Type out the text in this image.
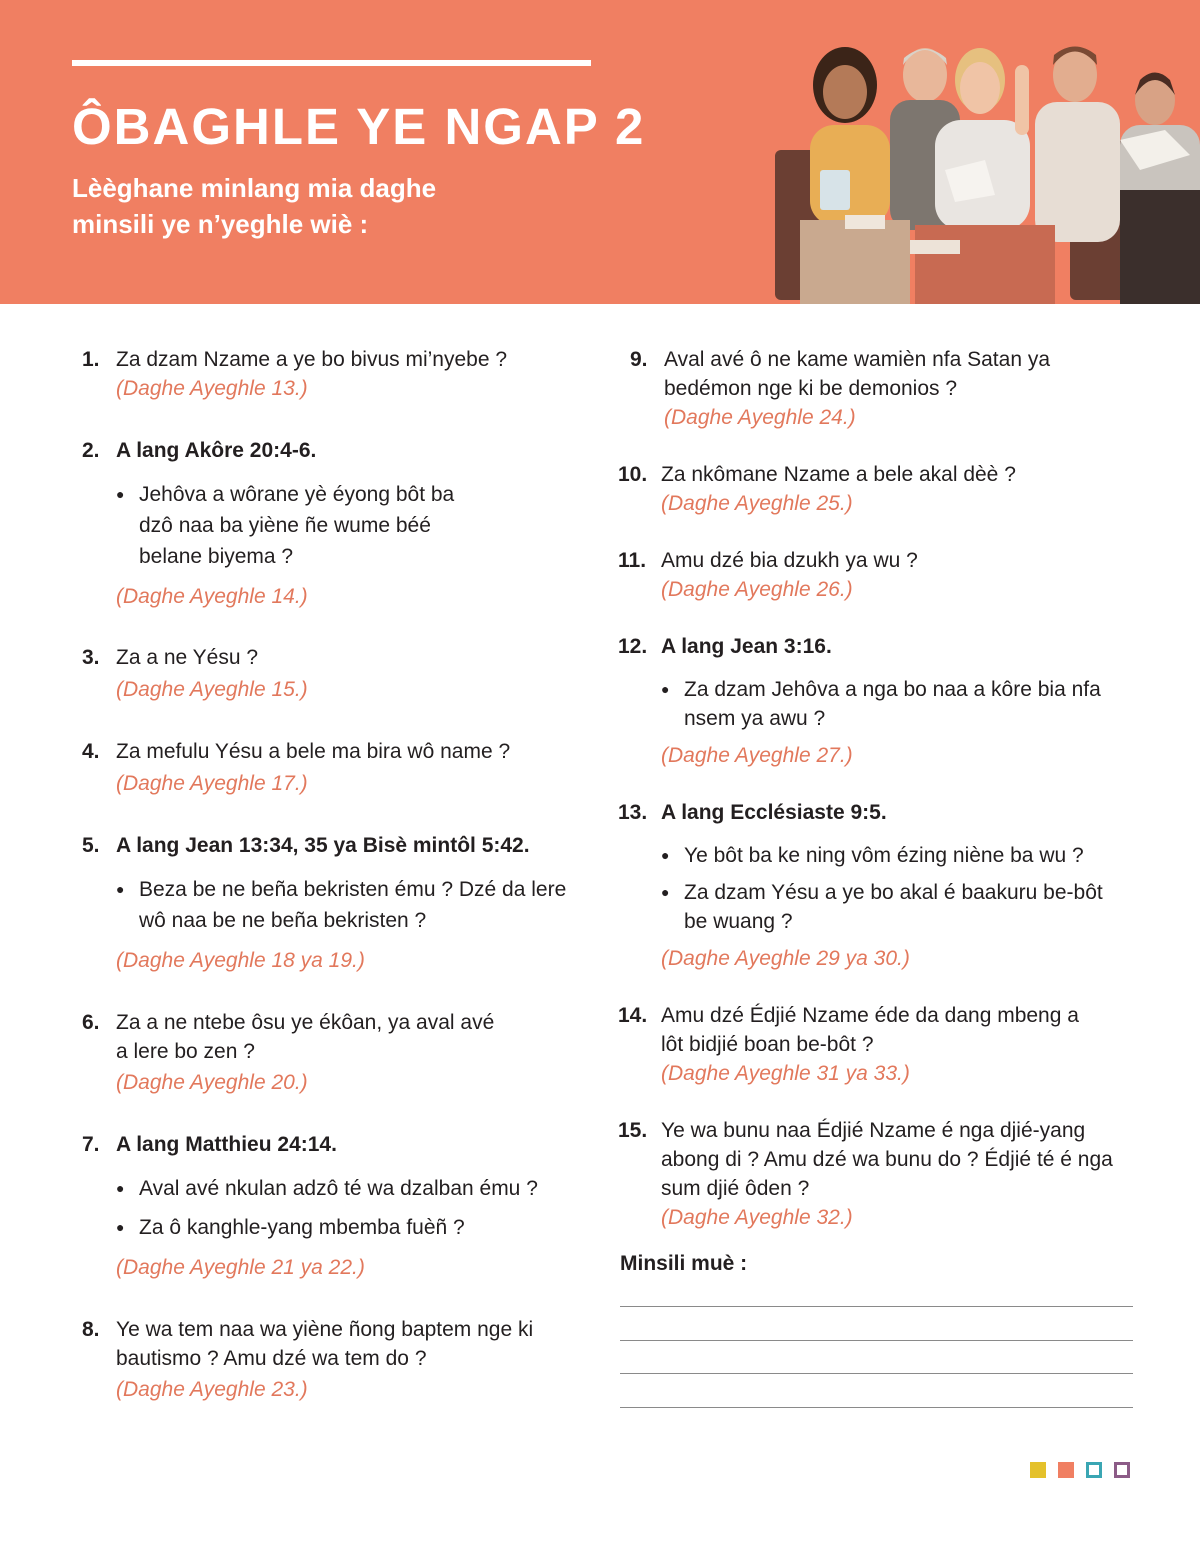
ÔBAGHLE YE NGAP 2

Lèèghane minlang mia daghe minsili ye n’yeghle wiè :

1. Za dzam Nzame a ye bo bivus mi’nyebe ?
(Daghe Ayeghle 13.)
2. A lang Akôre 20:4-6.
● Jehôva a wôrane yè éyong bôt ba dzô naa ba yiène ñe wume béé belane biyema ?
(Daghe Ayeghle 14.)
3. Za a ne Yésu ?
(Daghe Ayeghle 15.)
4. Za mefulu Yésu a bele ma bira wô name ?
(Daghe Ayeghle 17.)
5. A lang Jean 13:34, 35 ya Bisè mintôl 5:42.
● Beza be ne beña bekristen ému ? Dzé da lere wô naa be ne beña bekristen ?
(Daghe Ayeghle 18 ya 19.)
6. Za a ne ntebe ôsu ye ékôan, ya aval avé a lere bo zen ?
(Daghe Ayeghle 20.)
7. A lang Matthieu 24:14.
● Aval avé nkulan adzô té wa dzalban ému ?
● Za ô kanghle-yang mbemba fuèñ ?
(Daghe Ayeghle 21 ya 22.)
8. Ye wa tem naa wa yiène ñong baptem nge ki bautismo ? Amu dzé wa tem do ?
(Daghe Ayeghle 23.)
9. Aval avé ô ne kame wamièn nfa Satan ya bedémon nge ki be demonios ?
(Daghe Ayeghle 24.)
10. Za nkômane Nzame a bele akal dèè ?
(Daghe Ayeghle 25.)
11. Amu dzé bia dzukh ya wu ?
(Daghe Ayeghle 26.)
12. A lang Jean 3:16.
● Za dzam Jehôva a nga bo naa a kôre bia nfa nsem ya awu ?
(Daghe Ayeghle 27.)
13. A lang Ecclésiaste 9:5.
● Ye bôt ba ke ning vôm ézing niène ba wu ?
● Za dzam Yésu a ye bo akal é baakuru be-bôt be wuang ?
(Daghe Ayeghle 29 ya 30.)
14. Amu dzé Édjié Nzame éde da dang mbeng a lôt bidjié boan be-bôt ?
(Daghe Ayeghle 31 ya 33.)
15. Ye wa bunu naa Édjié Nzame é nga djié-yang abong di ? Amu dzé wa bunu do ? Édjié té é nga sum djié ôden ?
(Daghe Ayeghle 32.)

Minsili muè :
